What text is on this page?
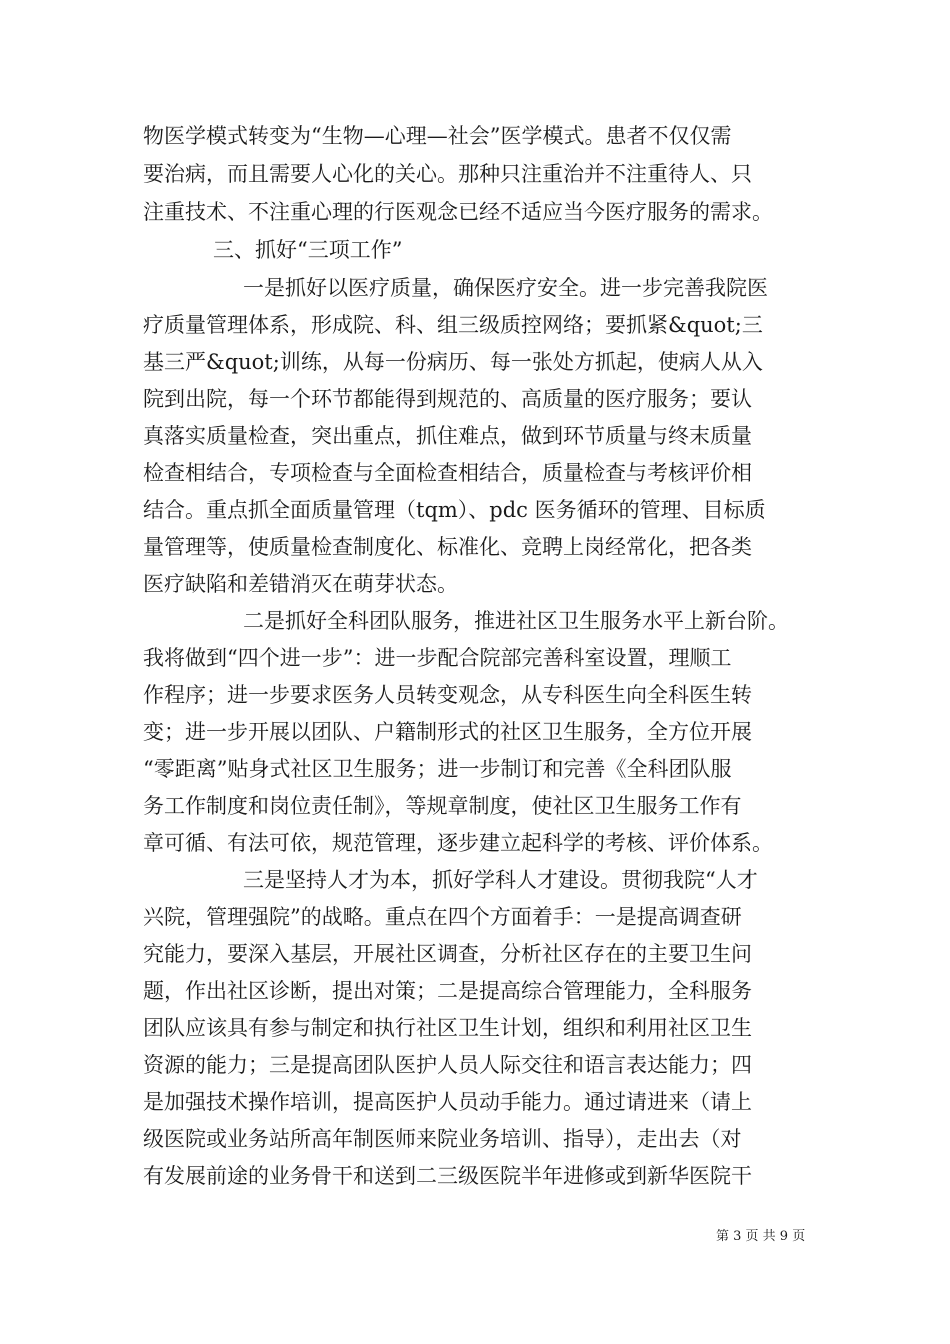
物医学模式转变为“生物—心理—社会”医学模式。患者不仅仅需
要治病，而且需要人心化的关心。那种只注重治并不注重待人、只
注重技术、不注重心理的行医观念已经不适应当今医疗服务的需求。
三、抓好“三项工作”
一是抓好以医疗质量，确保医疗安全。进一步完善我院医
疗质量管理体系，形成院、科、组三级质控网络；要抓紧&quot;三
基三严&quot;训练，从每一份病历、每一张处方抓起，使病人从入
院到出院，每一个环节都能得到规范的、高质量的医疗服务；要认
真落实质量检查，突出重点，抓住难点，做到环节质量与终末质量
检查相结合，专项检查与全面检查相结合，质量检查与考核评价相
结合。重点抓全面质量管理（tqm）、pdc 医务循环的管理、目标质
量管理等，使质量检查制度化、标准化、竞聘上岗经常化，把各类
医疗缺陷和差错消灭在萌芽状态。
二是抓好全科团队服务，推进社区卫生服务水平上新台阶。
我将做到“四个进一步”：进一步配合院部完善科室设置，理顺工
作程序；进一步要求医务人员转变观念，从专科医生向全科医生转
变；进一步开展以团队、户籍制形式的社区卫生服务，全方位开展
“零距离”贴身式社区卫生服务；进一步制订和完善《全科团队服
务工作制度和岗位责任制》，等规章制度，使社区卫生服务工作有
章可循、有法可依，规范管理，逐步建立起科学的考核、评价体系。
三是坚持人才为本，抓好学科人才建设。贯彻我院“人才
兴院，管理强院”的战略。重点在四个方面着手：一是提高调查研
究能力，要深入基层，开展社区调查，分析社区存在的主要卫生问
题，作出社区诊断，提出对策；二是提高综合管理能力，全科服务
团队应该具有参与制定和执行社区卫生计划，组织和利用社区卫生
资源的能力；三是提高团队医护人员人际交往和语言表达能力；四
是加强技术操作培训，提高医护人员动手能力。通过请进来（请上
级医院或业务站所高年制医师来院业务培训、指导），走出去（对
有发展前途的业务骨干和送到二三级医院半年进修或到新华医院干
第 3 页 共 9 页
